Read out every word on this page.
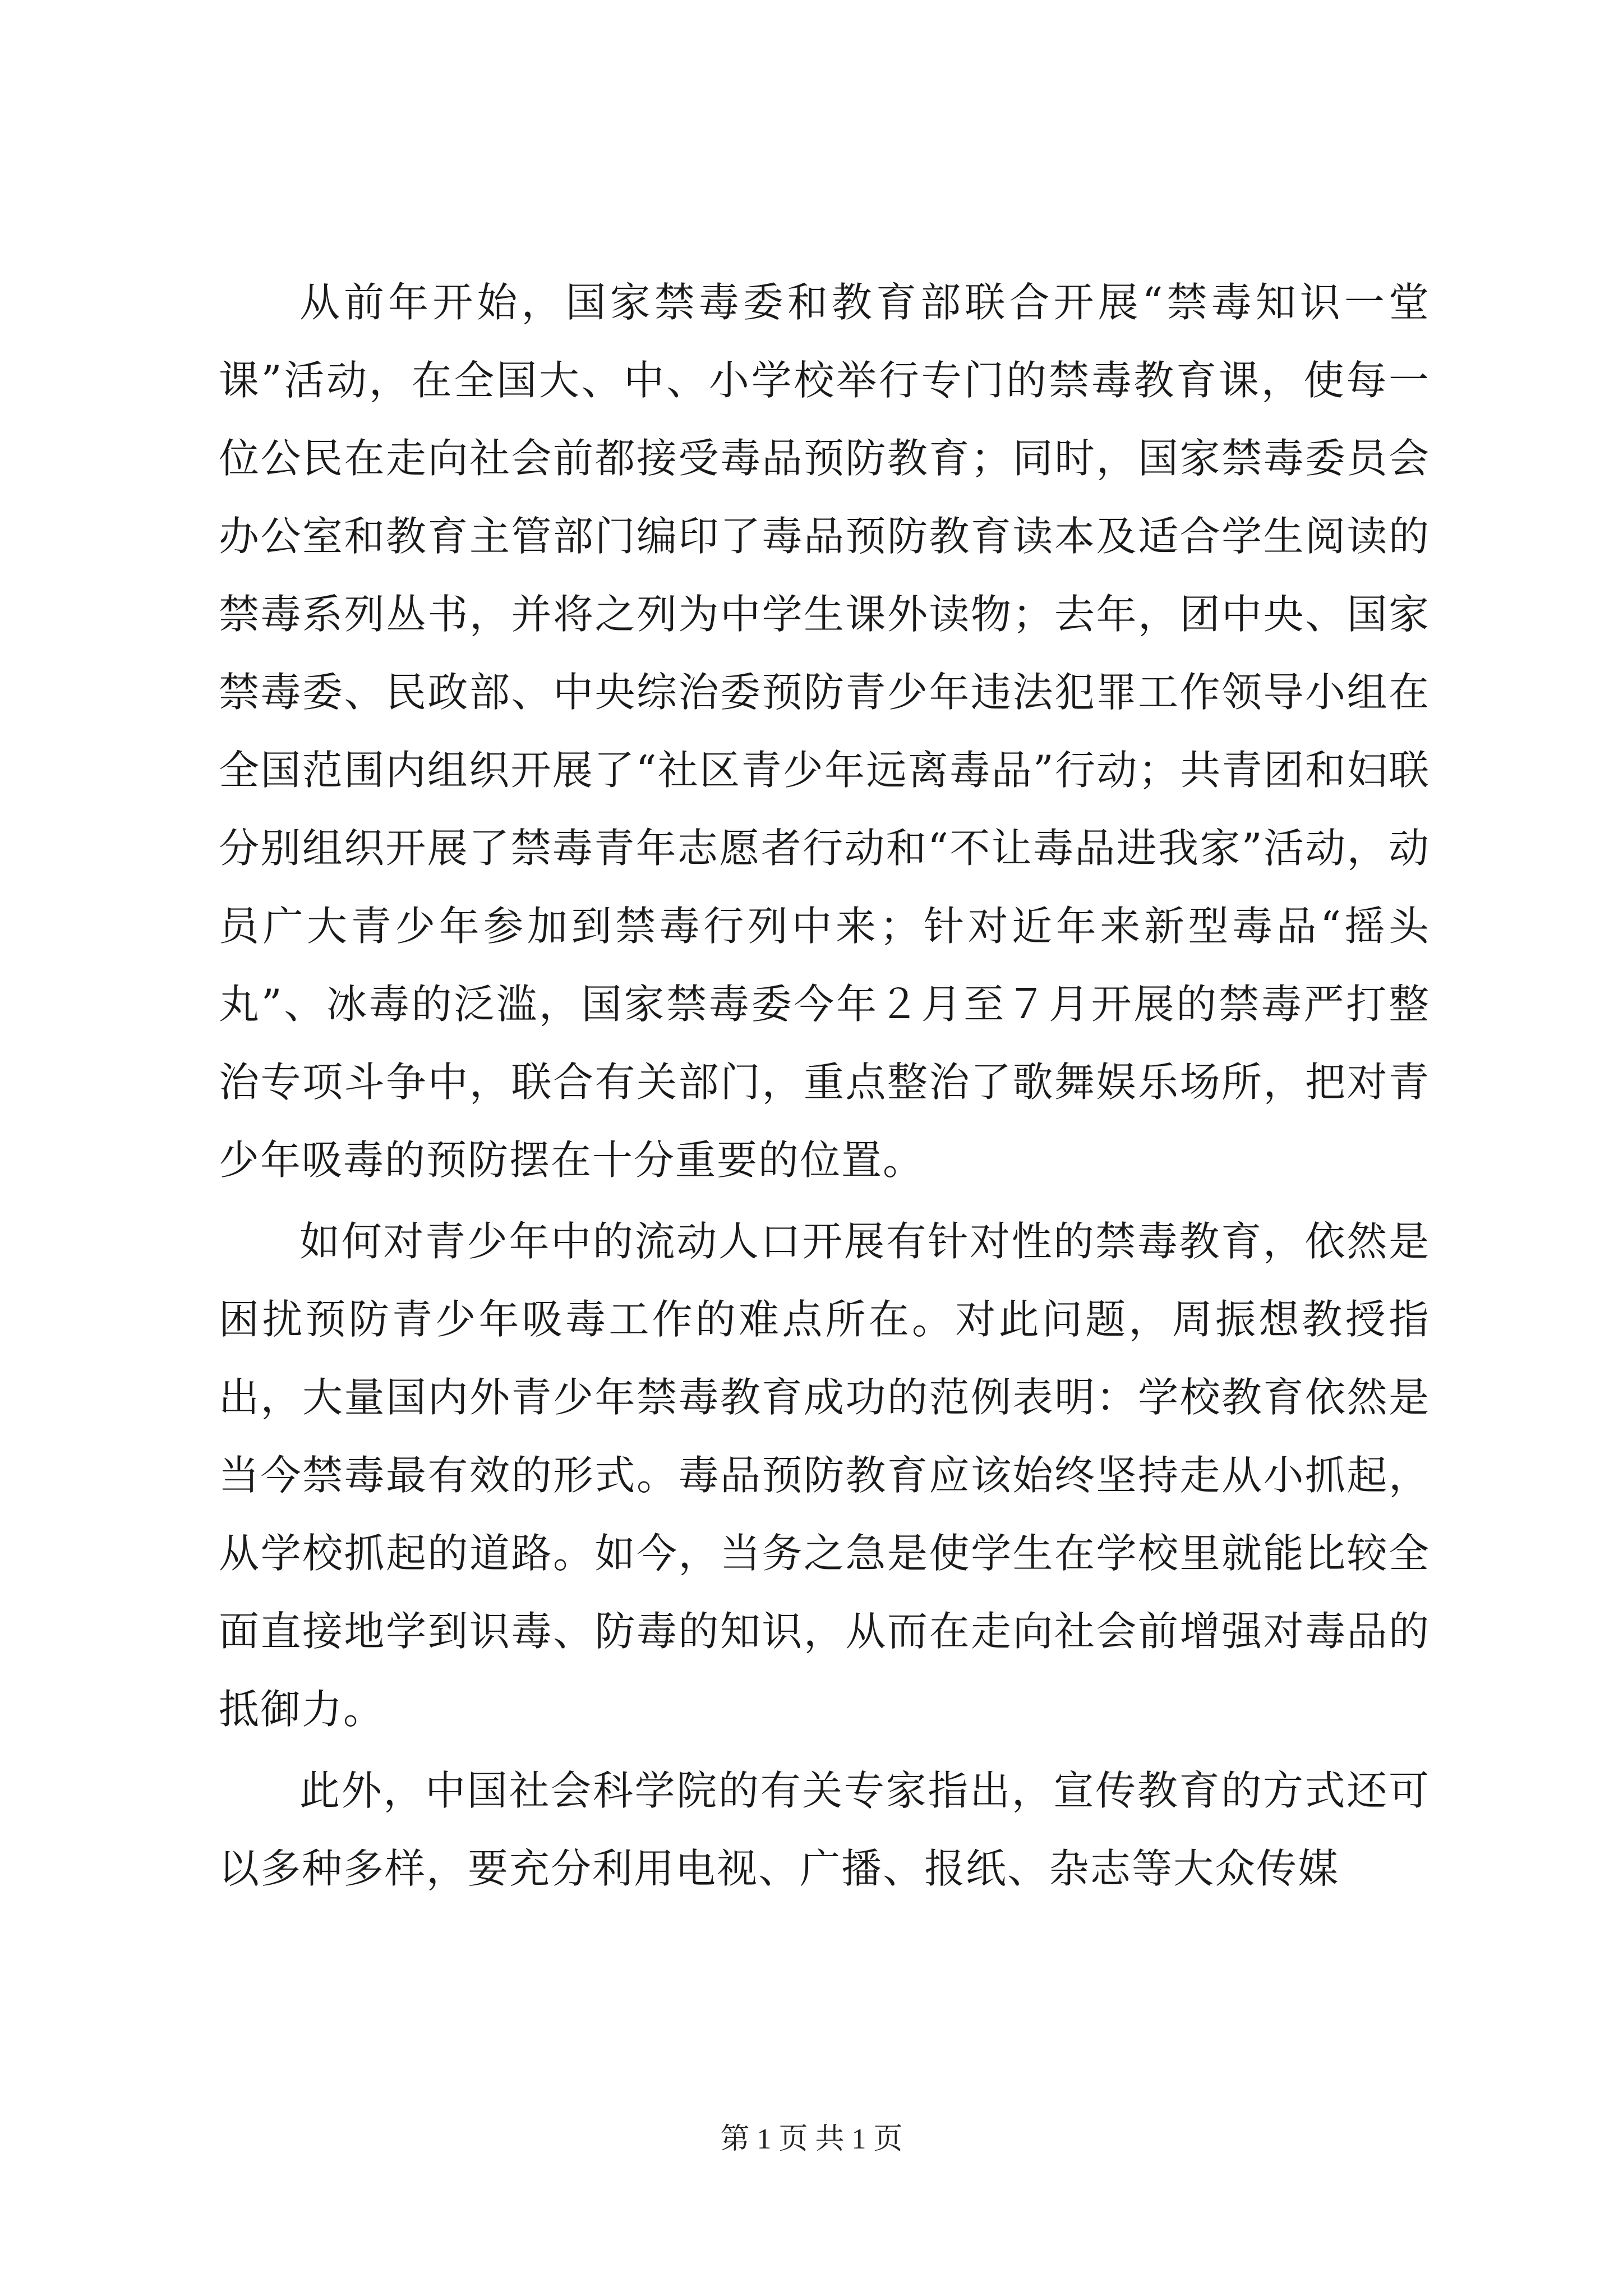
从前年开始，国家禁毒委和教育部联合开展“禁毒知识一堂课”活动，在全国大、中、小学校举行专门的禁毒教育课，使每一位公民在走向社会前都接受毒品预防教育；同时，国家禁毒委员会办公室和教育主管部门编印了毒品预防教育读本及适合学生阅读的禁毒系列丛书，并将之列为中学生课外读物；去年，团中央、国家禁毒委、民政部、中央综治委预防青少年违法犯罪工作领导小组在全国范围内组织开展了“社区青少年远离毒品”行动；共青团和妇联分别组织开展了禁毒青年志愿者行动和“不让毒品进我家”活动，动员广大青少年参加到禁毒行列中来；针对近年来新型毒品“摇头丸”、冰毒的泛滥，国家禁毒委今年２月至７月开展的禁毒严打整治专项斗争中，联合有关部门，重点整治了歌舞娱乐场所，把对青少年吸毒的预防摆在十分重要的位置。

如何对青少年中的流动人口开展有针对性的禁毒教育，依然是困扰预防青少年吸毒工作的难点所在。对此问题，周振想教授指出，大量国内外青少年禁毒教育成功的范例表明：学校教育依然是当今禁毒最有效的形式。毒品预防教育应该始终坚持走从小抓起，从学校抓起的道路。如今，当务之急是使学生在学校里就能比较全面直接地学到识毒、防毒的知识，从而在走向社会前增强对毒品的抵御力。

此外，中国社会科学院的有关专家指出，宣传教育的方式还可以多种多样，要充分利用电视、广播、报纸、杂志等大众传媒

第 1 页 共 1 页
